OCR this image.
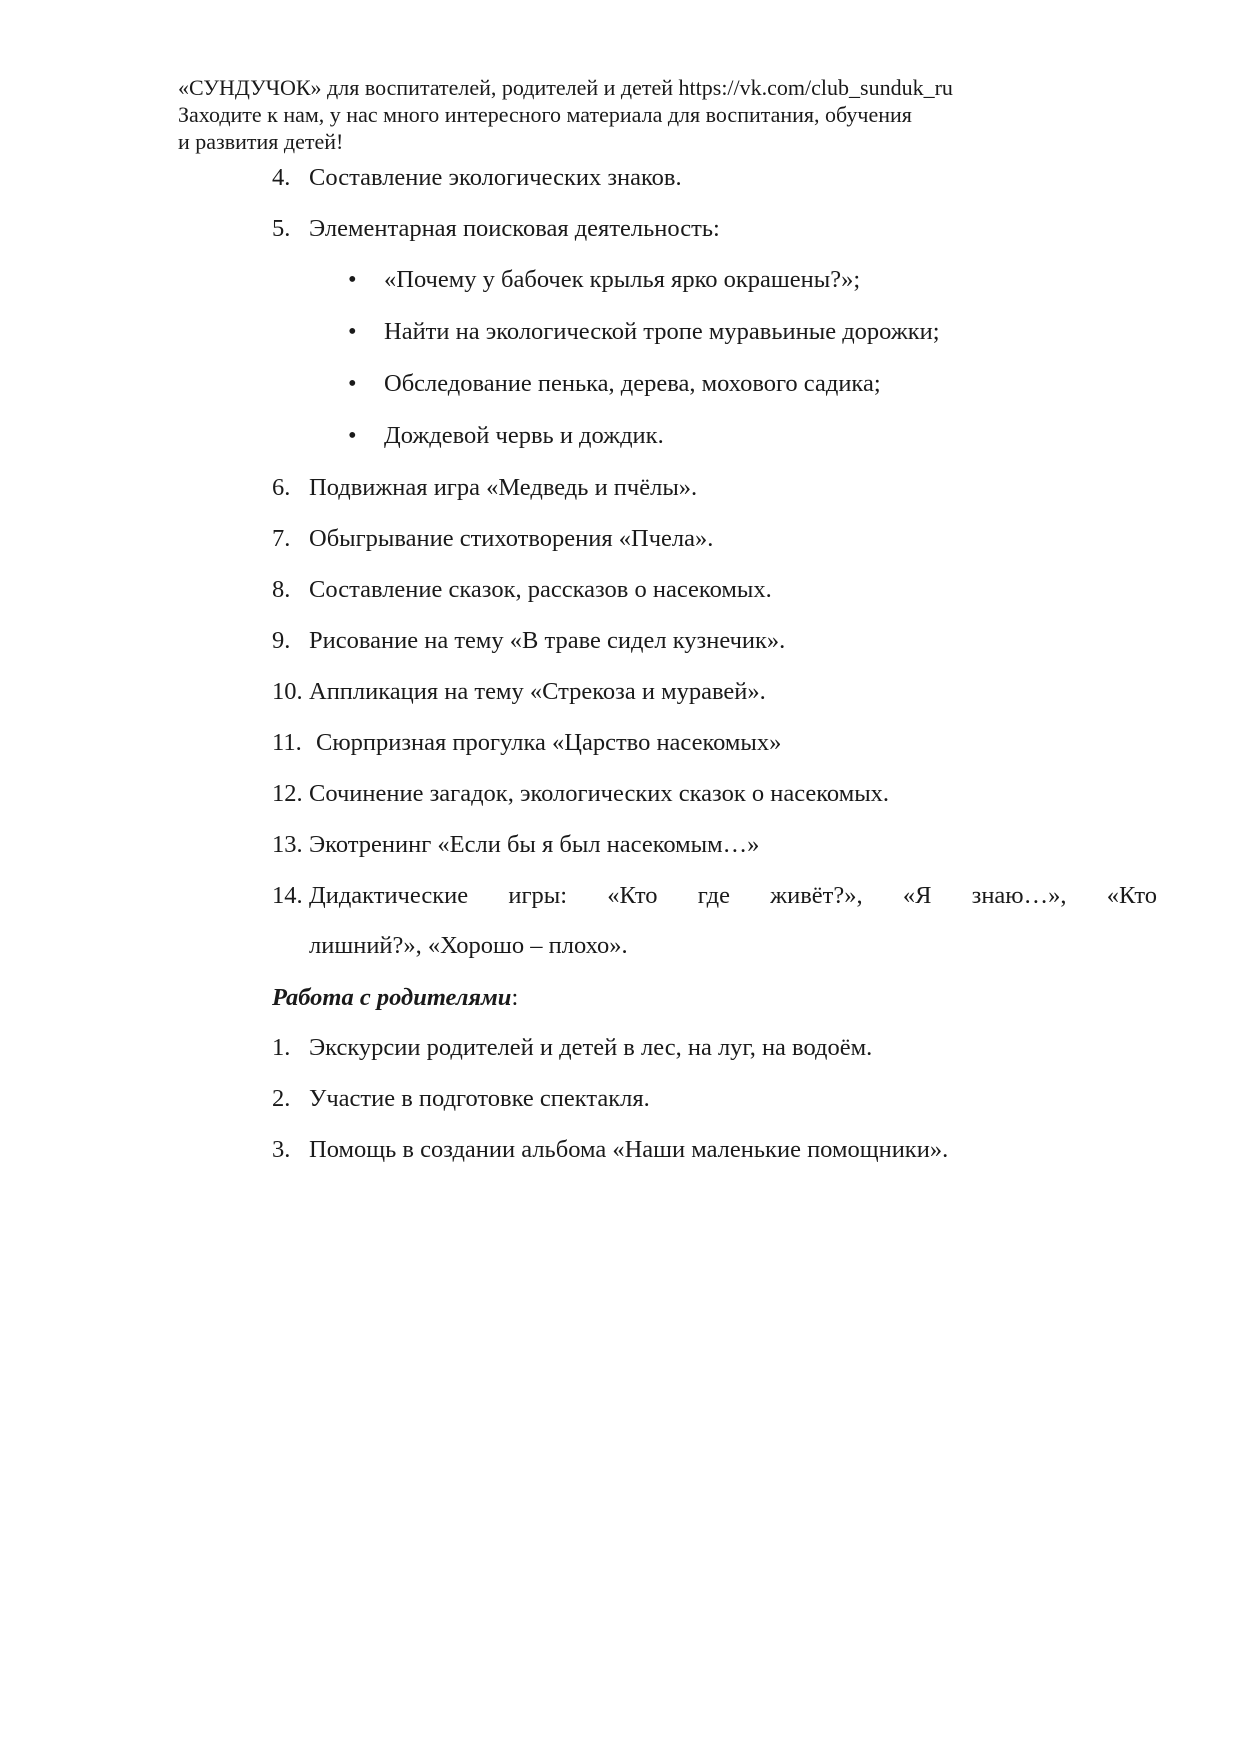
«СУНДУЧОК» для воспитателей, родителей и детей https://vk.com/club_sunduk_ru
Заходите к нам, у нас много интересного материала для воспитания, обучения
и развития детей!
4. Составление экологических знаков.
5. Элементарная поисковая деятельность:
• «Почему у бабочек крылья ярко окрашены?»;
• Найти на экологической тропе муравьиные дорожки;
• Обследование пенька, дерева, мохового садика;
• Дождевой червь и дождик.
6. Подвижная игра «Медведь и пчёлы».
7. Обыгрывание стихотворения «Пчела».
8. Составление сказок, рассказов о насекомых.
9. Рисование на тему «В траве сидел кузнечик».
10. Аппликация на тему «Стрекоза и муравей».
11. Сюрпризная прогулка «Царство насекомых»
12. Сочинение загадок, экологических сказок о насекомых.
13. Экотренинг «Если бы я был насекомым…»
14. Дидактические игры: «Кто где живёт?», «Я знаю…», «Кто
лишний?», «Хорошо – плохо».
Работа с родителями:
1. Экскурсии родителей и детей в лес, на луг, на водоём.
2. Участие в подготовке спектакля.
3. Помощь в создании альбома «Наши маленькие помощники».
